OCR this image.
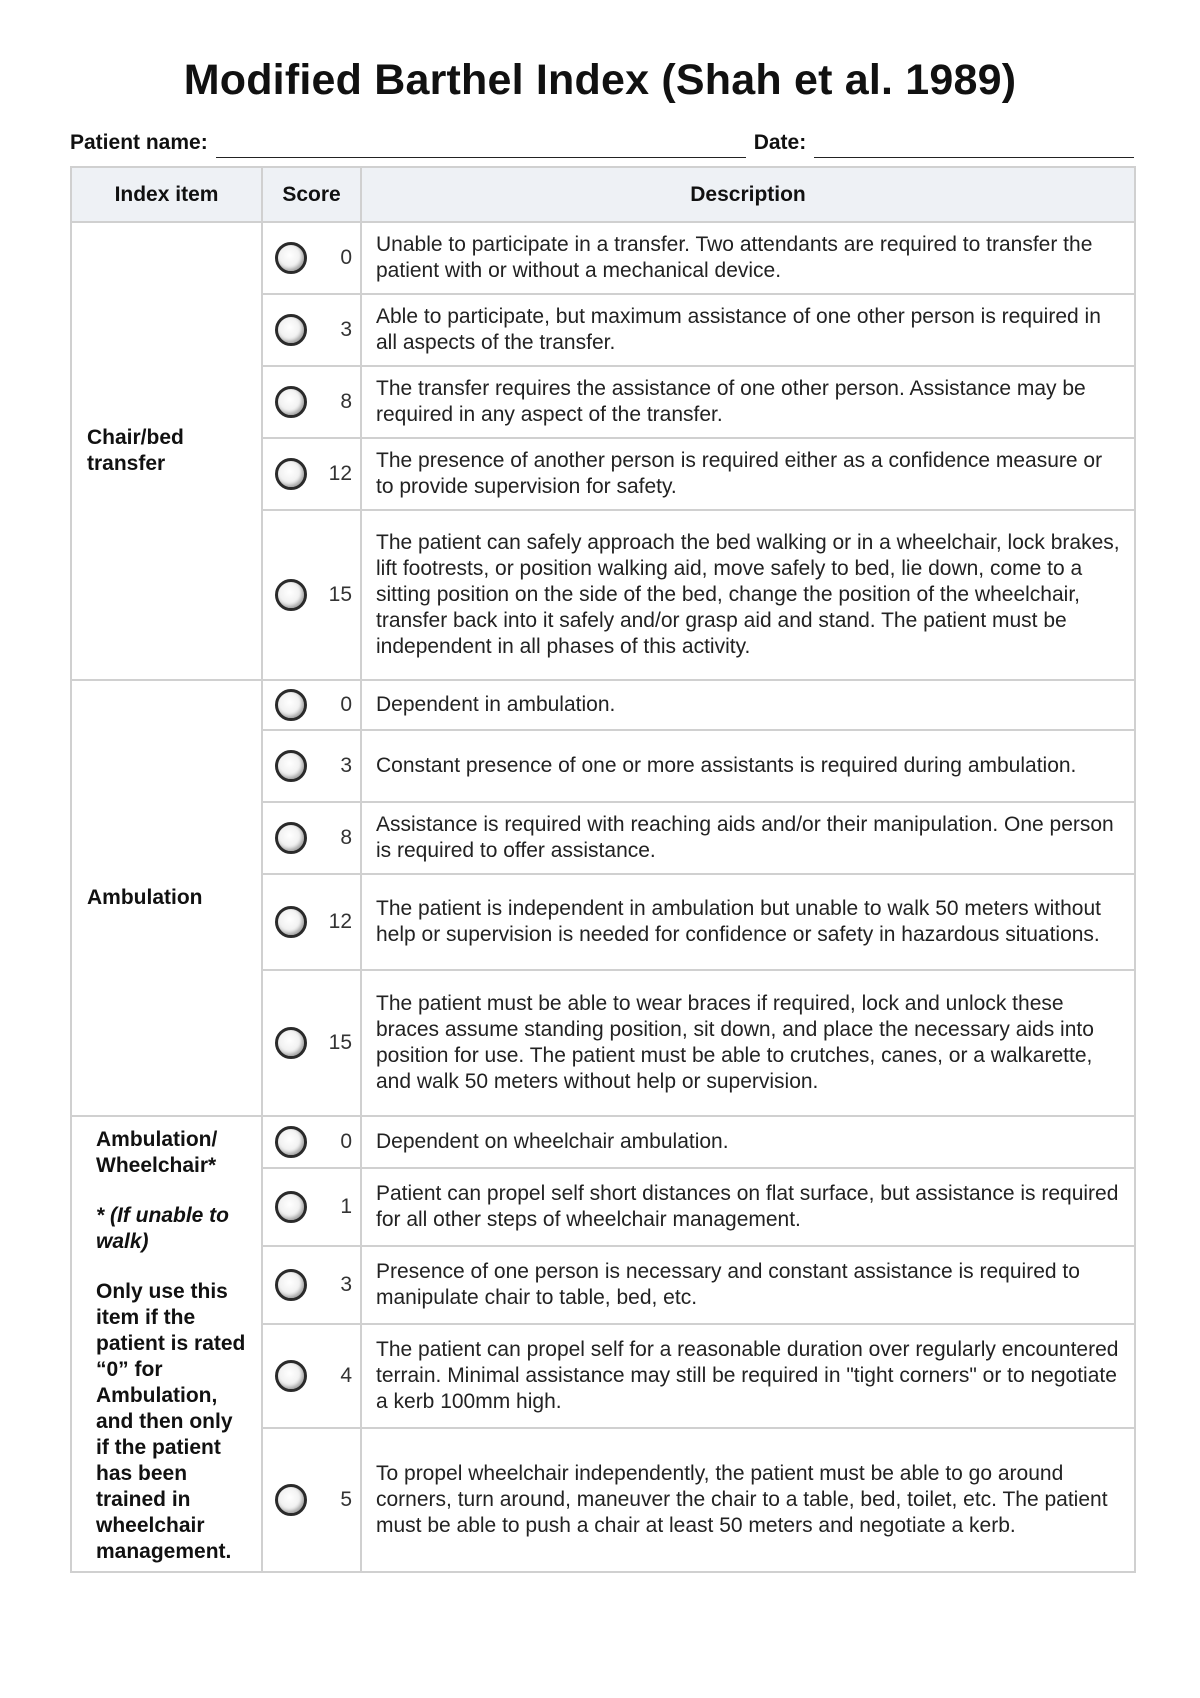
Modified Barthel Index (Shah et al. 1989)
Patient name:	Date:
Index item	Score	Description
Chair/bed transfer	0	Unable to participate in a transfer. Two attendants are required to transfer the patient with or without a mechanical device.

	3	Able to participate, but maximum assistance of one other person is required in all aspects of the transfer.

	8	The transfer requires the assistance of one other person. Assistance may be required in any aspect of the transfer.

	12	The presence of another person is required either as a confidence measure or to provide supervision for safety.

	15	The patient can safely approach the bed walking or in a wheelchair, lock brakes, lift footrests, or position walking aid, move safely to bed, lie down, come to a sitting position on the side of the bed, change the position of the wheelchair, transfer back into it safely and/or grasp aid and stand. The patient must be independent in all phases of this activity.
Ambulation	0	Dependent in ambulation.

	3	Constant presence of one or more assistants is required during ambulation.

	8	Assistance is required with reaching aids and/or their manipulation. One person is required to offer assistance.

	12	The patient is independent in ambulation but unable to walk 50 meters without help or supervision is needed for confidence or safety in hazardous situations.

	15	The patient must be able to wear braces if required, lock and unlock these braces assume standing position, sit down, and place the necessary aids into position for use. The patient must be able to crutches, canes, or a walkarette, and walk 50 meters without help or supervision.

Ambulation/ Wheelchair*
* (If unable to walk)
Only use this item if the patient is rated “0” for Ambulation, and then only if the patient has been trained in wheelchair management.	0	Dependent on wheelchair ambulation.

	1	Patient can propel self short distances on flat surface, but assistance is required for all other steps of wheelchair management.

	3	Presence of one person is necessary and constant assistance is required to manipulate chair to table, bed, etc.

	4	The patient can propel self for a reasonable duration over regularly encountered terrain. Minimal assistance may still be required in "tight corners" or to negotiate a kerb 100mm high.

	5	To propel wheelchair independently, the patient must be able to go around corners, turn around, maneuver the chair to a table, bed, toilet, etc. The patient must be able to push a chair at least 50 meters and negotiate a kerb.
